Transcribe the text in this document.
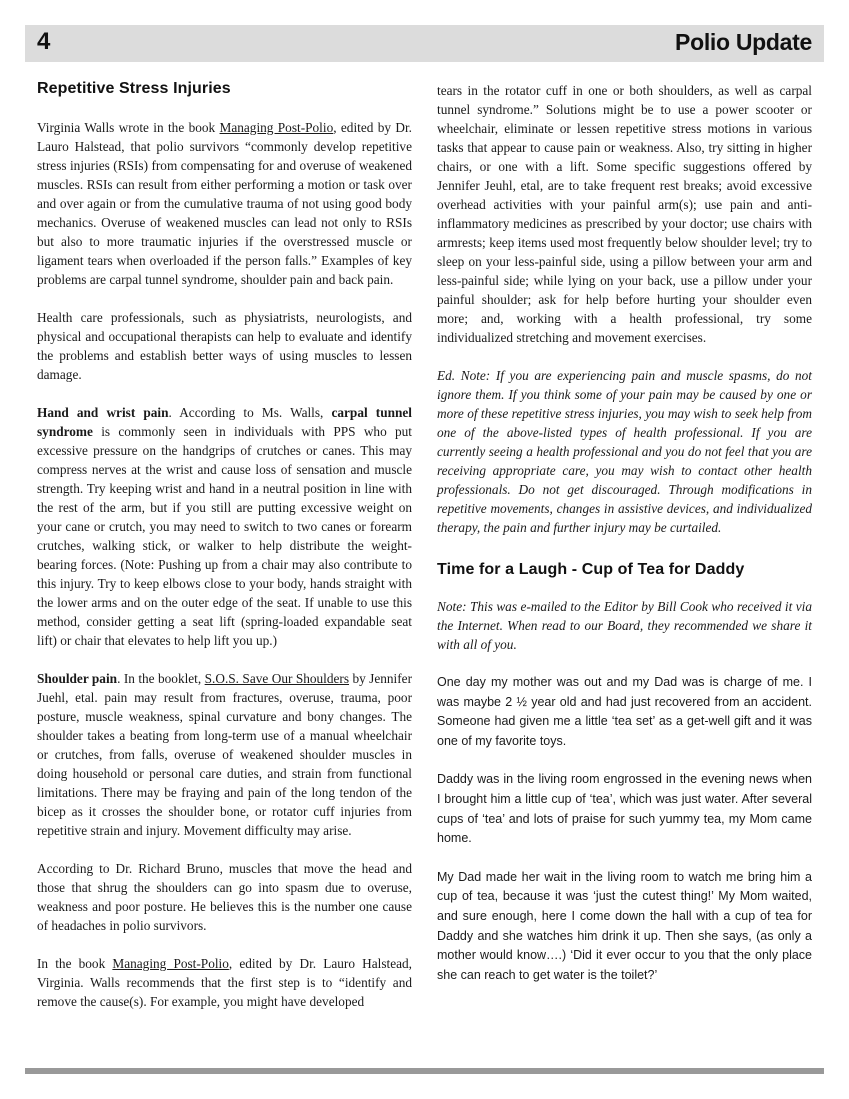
4	Polio Update
Repetitive Stress Injuries

Virginia Walls wrote in the book Managing Post-Polio, edited by Dr. Lauro Halstead, that polio survivors “commonly develop repetitive stress injuries (RSIs) from compensating for and overuse of weakened muscles. RSIs can result from either performing a motion or task over and over again or from the cumulative trauma of not using good body mechanics. Overuse of weakened muscles can lead not only to RSIs but also to more traumatic injuries if the overstressed muscle or ligament tears when overloaded if the person falls.” Examples of key problems are carpal tunnel syndrome, shoulder pain and back pain.

Health care professionals, such as physiatrists, neurologists, and physical and occupational therapists can help to evaluate and identify the problems and establish better ways of using muscles to lessen damage.

Hand and wrist pain. According to Ms. Walls, carpal tunnel syndrome is commonly seen in individuals with PPS who put excessive pressure on the handgrips of crutches or canes. This may compress nerves at the wrist and cause loss of sensation and muscle strength. Try keeping wrist and hand in a neutral position in line with the rest of the arm, but if you still are putting excessive weight on your cane or crutch, you may need to switch to two canes or forearm crutches, walking stick, or walker to help distribute the weight-bearing forces. (Note: Pushing up from a chair may also contribute to this injury. Try to keep elbows close to your body, hands straight with the lower arms and on the outer edge of the seat. If unable to use this method, consider getting a seat lift (spring-loaded expandable seat lift) or chair that elevates to help lift you up.)

Shoulder pain. In the booklet, S.O.S. Save Our Shoulders by Jennifer Juehl, etal. pain may result from fractures, overuse, trauma, poor posture, muscle weakness, spinal curvature and bony changes. The shoulder takes a beating from long-term use of a manual wheelchair or crutches, from falls, overuse of weakened shoulder muscles in doing household or personal care duties, and strain from functional limitations. There may be fraying and pain of the long tendon of the bicep as it crosses the shoulder bone, or rotator cuff injuries from repetitive strain and injury. Movement difficulty may arise.

According to Dr. Richard Bruno, muscles that move the head and those that shrug the shoulders can go into spasm due to overuse, weakness and poor posture. He believes this is the number one cause of headaches in polio survivors.

In the book Managing Post-Polio, edited by Dr. Lauro Halstead, Virginia. Walls recommends that the first step is to “identify and remove the cause(s). For example, you might have developed

tears in the rotator cuff in one or both shoulders, as well as carpal tunnel syndrome.” Solutions might be to use a power scooter or wheelchair, eliminate or lessen repetitive stress motions in various tasks that appear to cause pain or weakness. Also, try sitting in higher chairs, or one with a lift. Some specific suggestions offered by Jennifer Jeuhl, etal, are to take frequent rest breaks; avoid excessive overhead activities with your painful arm(s); use pain and anti-inflammatory medicines as prescribed by your doctor; use chairs with armrests; keep items used most frequently below shoulder level; try to sleep on your less-painful side, using a pillow between your arm and less-painful side; while lying on your back, use a pillow under your painful shoulder; ask for help before hurting your shoulder even more; and, working with a health professional, try some individualized stretching and movement exercises.

Ed. Note: If you are experiencing pain and muscle spasms, do not ignore them. If you think some of your pain may be caused by one or more of these repetitive stress injuries, you may wish to seek help from one of the above-listed types of health professional. If you are currently seeing a health professional and you do not feel that you are receiving appropriate care, you may wish to contact other health professionals. Do not get discouraged. Through modifications in repetitive movements, changes in assistive devices, and individualized therapy, the pain and further injury may be curtailed.

Time for a Laugh - Cup of Tea for Daddy

Note: This was e-mailed to the Editor by Bill Cook who received it via the Internet. When read to our Board, they recommended we share it with all of you.

One day my mother was out and my Dad was is charge of me. I was maybe 2 ½ year old and had just recovered from an accident. Someone had given me a little ‘tea set’ as a get-well gift and it was one of my favorite toys.

Daddy was in the living room engrossed in the evening news when I brought him a little cup of ‘tea’, which was just water. After several cups of ‘tea’ and lots of praise for such yummy tea, my Mom came home.

My Dad made her wait in the living room to watch me bring him a cup of tea, because it was ‘just the cutest thing!’ My Mom waited, and sure enough, here I come down the hall with a cup of tea for Daddy and she watches him drink it up. Then she says, (as only a mother would know….) ‘Did it ever occur to you that the only place she can reach to get water is the toilet?’
